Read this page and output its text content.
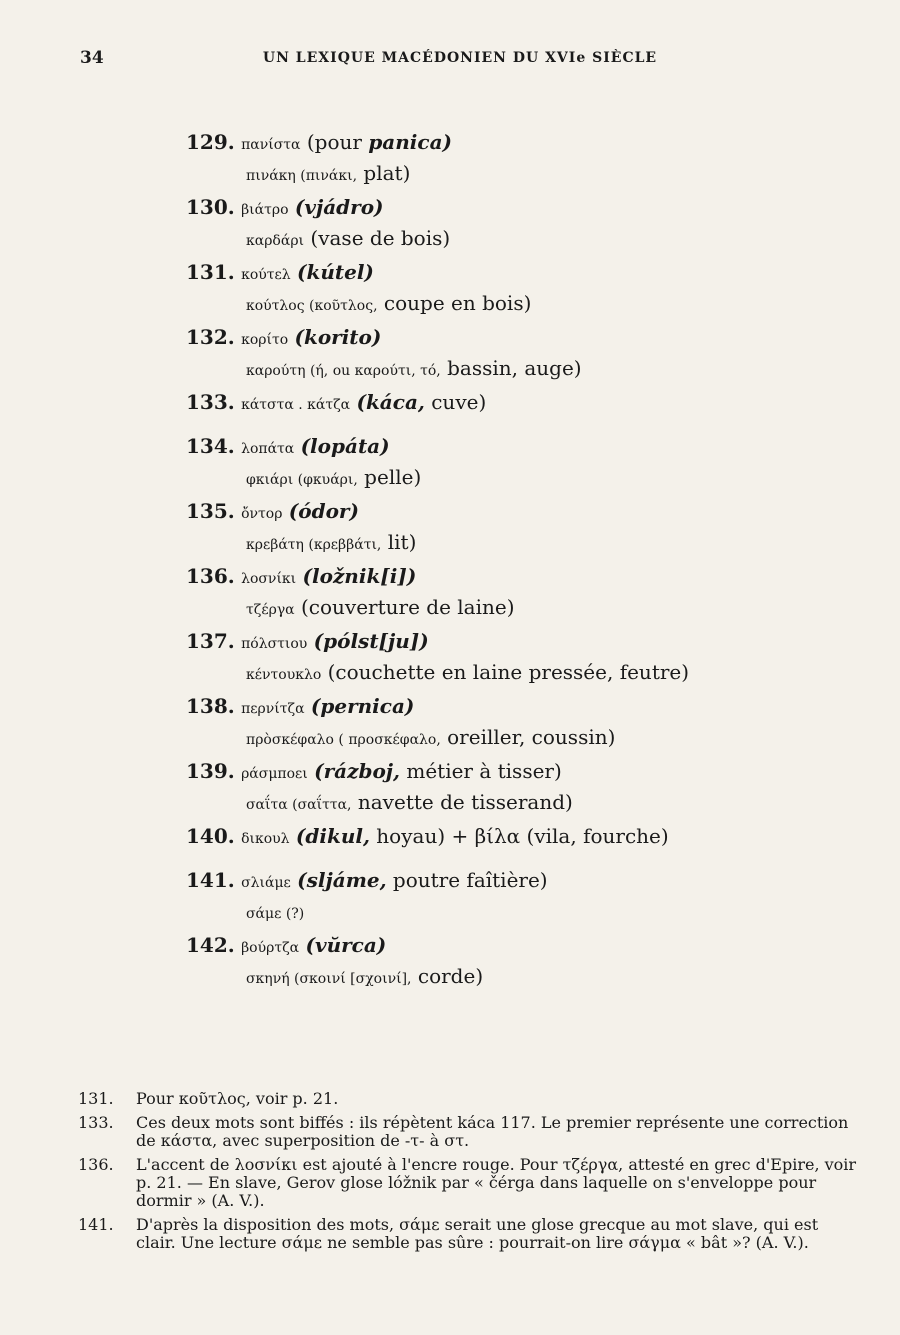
34	UN LEXIQUE MACÉDONIEN DU XVIe SIÈCLE
129. πανίστα (pour panica)
πινάκη (πινάκι, plat)
130. βιάτρο (vjádro)
καρδάρι (vase de bois)
131. κούτελ (kútel)
κούτλος (κοῦτλος, coupe en bois)
132. κορίτο (korito)
καρούτη (ή, ou καρούτι, τό, bassin, auge)
133. κάτστα . κάτζα (káca, cuve)
134. λοπάτα (lopáta)
φκιάρι (φκυάρι, pelle)
135. ὄντορ (ódor)
κρεβάτη (κρεββάτι, lit)
136. λοσνίκι (ložnik[i])
τζέργα (couverture de laine)
137. πόλστιου (pólst[ju])
κέντουκλο (couchette en laine pressée, feutre)
138. περνίτζα (pernica)
πρὸσκέφαλο ( προσκέφαλο, oreiller, coussin)
139. ράσμποει (rázboj, métier à tisser)
σαΐτα (σαΐττα, navette de tisserand)
140. δικουλ (dikul, hoyau) + βίλα (vila, fourche)
141. σλιάμε (sljáme, poutre faîtière)
σάμε (?)
142. βούρτζα (vŭrca)
σκηνή (σκοινί [σχοινί], corde)
131.	Pour κοῦτλος, voir p. 21.
133.	Ces deux mots sont biffés : ils répètent káca 117. Le premier représente une correction de κάστα, avec superposition de -τ- à στ.
136.	L'accent de λοσνίκι est ajouté à l'encre rouge. Pour τζέργα, attesté en grec d'Epire, voir p. 21. — En slave, Gerov glose lóžnik par « čérga dans laquelle on s'enveloppe pour dormir » (A. V.).
141.	D'après la disposition des mots, σάμε serait une glose grecque au mot slave, qui est clair. Une lecture σάμε ne semble pas sûre : pourrait-on lire σάγμα « bât »? (A. V.).
